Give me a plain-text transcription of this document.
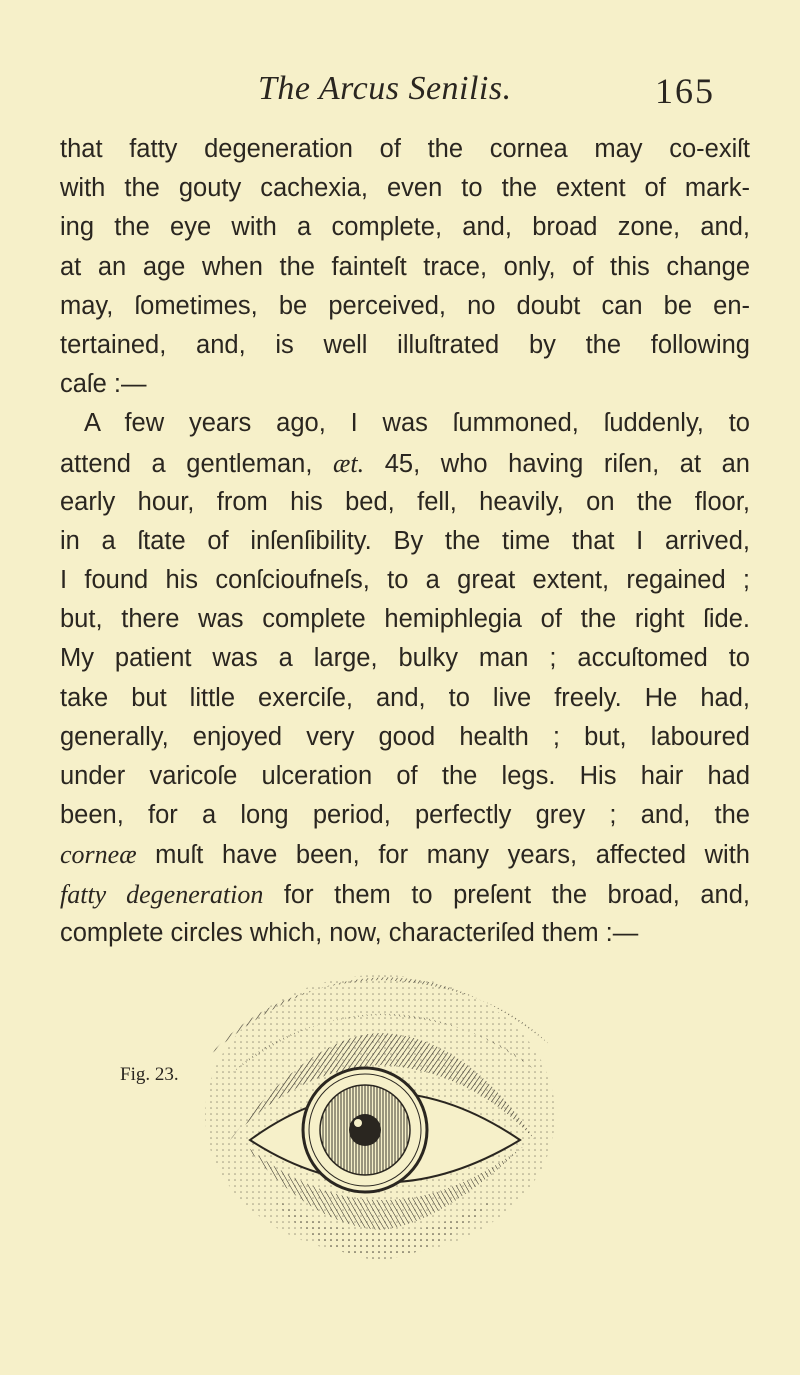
The Arcus Senilis.	165
that fatty degeneration of the cornea may co-exiſt
with the gouty cachexia, even to the extent of mark-
ing the eye with a complete, and, broad zone, and,
at an age when the fainteſt trace, only, of this change
may, ſometimes, be perceived, no doubt can be en-
tertained, and, is well illuſtrated by the following
caſe :—
A few years ago, I was ſummoned, ſuddenly, to
attend a gentleman, æt. 45, who having riſen, at an
early hour, from his bed, fell, heavily, on the floor,
in a ſtate of inſenſibility. By the time that I arrived,
I found his conſcioufneſs, to a great extent, regained ;
but, there was complete hemiphlegia of the right ſide.
My patient was a large, bulky man ; accuſtomed to
take but little exerciſe, and, to live freely. He had,
generally, enjoyed very good health ; but, laboured
under varicoſe ulceration of the legs. His hair had
been, for a long period, perfectly grey ; and, the
corneæ muſt have been, for many years, affected with
fatty degeneration for them to preſent the broad, and,
complete circles which, now, characteriſed them :—
Fig. 23.
